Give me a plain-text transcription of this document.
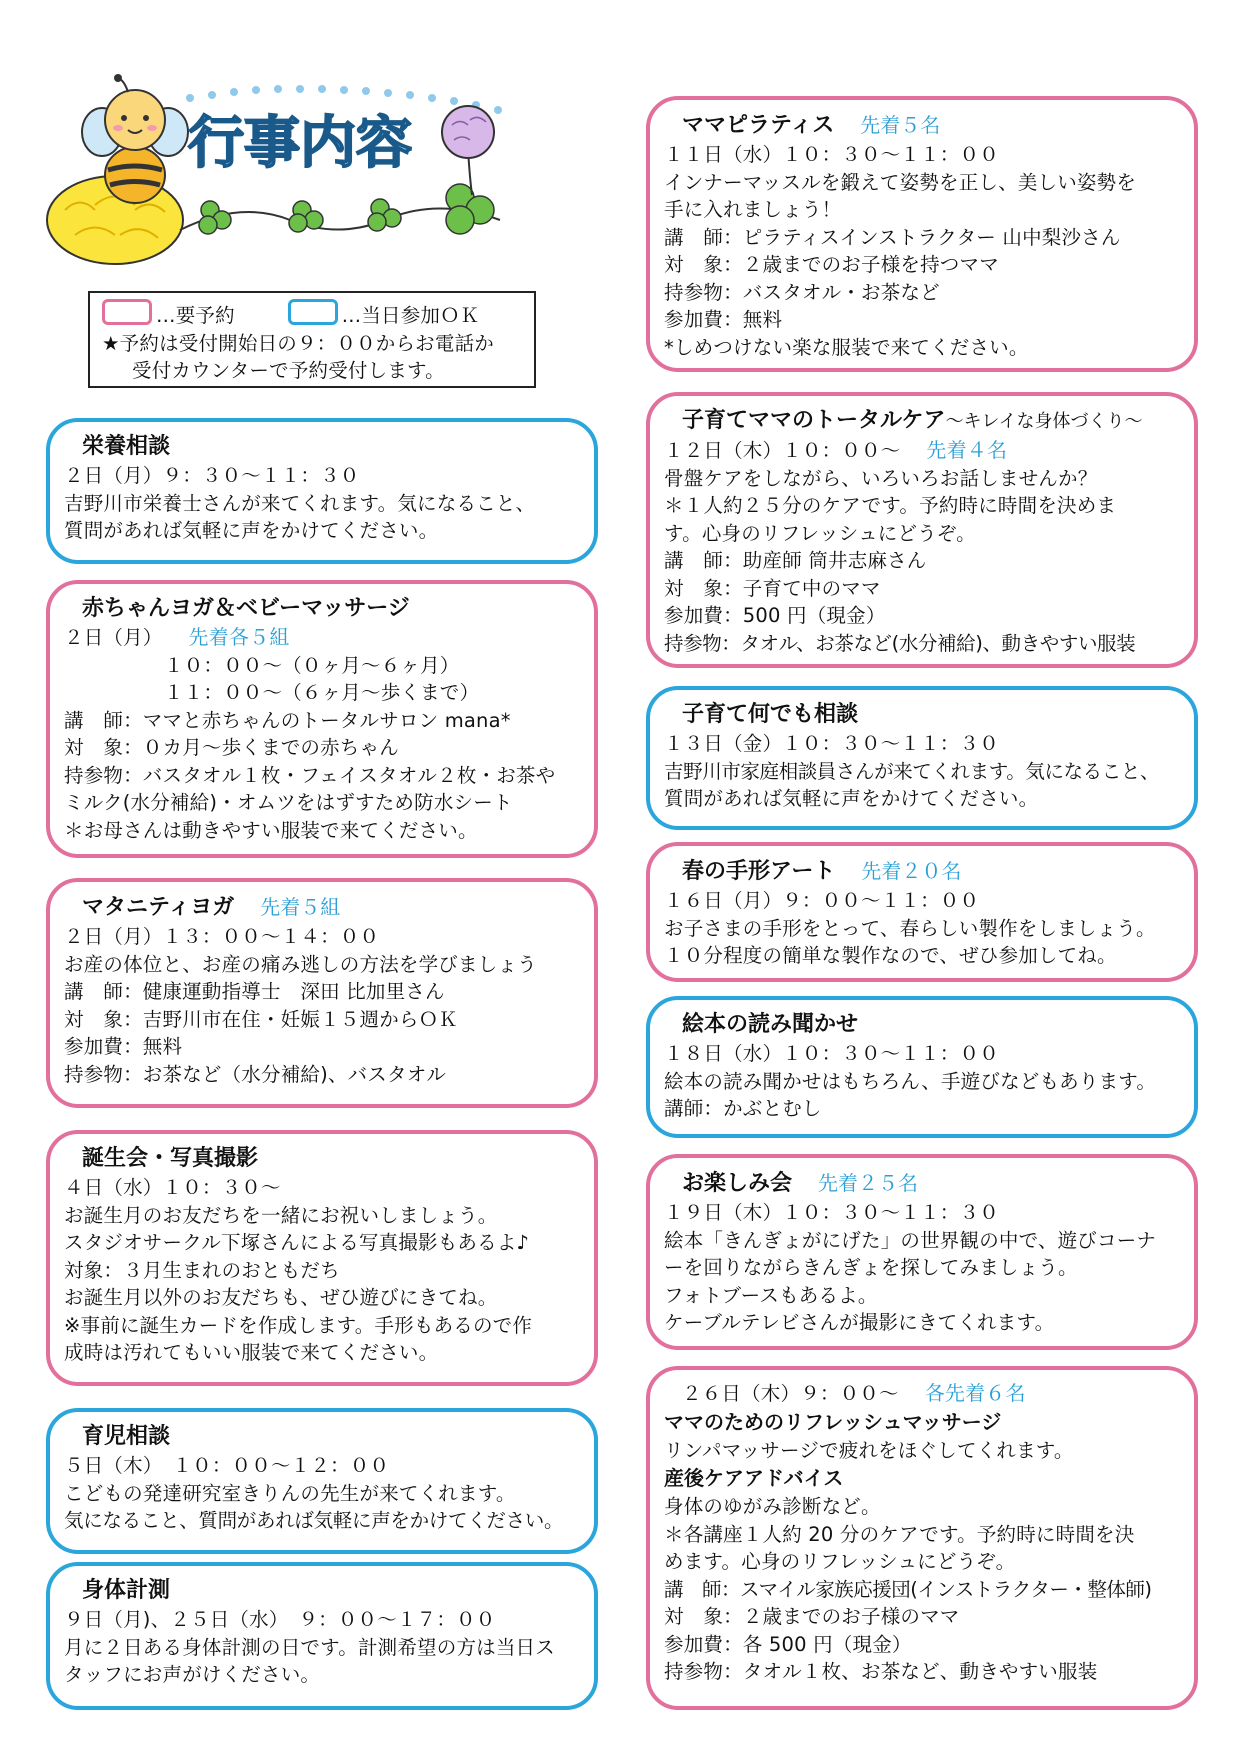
行事内容
…要予約	…当日参加ＯＫ
★予約は受付開始日の９：００からお電話か
受付カウンターで予約受付します。
栄養相談
２日（月）９：３０～１１：３０
吉野川市栄養士さんが来てくれます。気になること、
質問があれば気軽に声をかけてください。
赤ちゃんヨガ＆ベビーマッサージ
２日（月） 先着各５組
１０：００～（０ヶ月～６ヶ月）
１１：００～（６ヶ月～歩くまで）
講　師：ママと赤ちゃんのトータルサロン mana*
対　象：０カ月～歩くまでの赤ちゃん
持参物：バスタオル１枚・フェイスタオル２枚・お茶や
ミルク(水分補給)・オムツをはずすため防水シート
＊お母さんは動きやすい服装で来てください。
マタニティヨガ 先着５組
２日（月）１３：００～１４：００
お産の体位と、お産の痛み逃しの方法を学びましょう
講　師：健康運動指導士　深田 比加里さん
対　象：吉野川市在住・妊娠１５週からＯＫ
参加費：無料
持参物：お茶など（水分補給)、バスタオル
誕生会・写真撮影
４日（水）１０：３０～
お誕生月のお友だちを一緒にお祝いしましょう。
スタジオサークル下塚さんによる写真撮影もあるよ♪
対象：３月生まれのおともだち
お誕生月以外のお友だちも、ぜひ遊びにきてね。
※事前に誕生カードを作成します。手形もあるので作
成時は汚れてもいい服装で来てください。
育児相談
５日（木）　１０：００～１２：００
こどもの発達研究室きりんの先生が来てくれます。
気になること、質問があれば気軽に声をかけてください。
身体計測
９日（月)、２５日（水）　９：００～１７：００
月に２日ある身体計測の日です。計測希望の方は当日ス
タッフにお声がけください。
ママピラティス 先着５名
１１日（水）１０：３０～１１：００
インナーマッスルを鍛えて姿勢を正し、美しい姿勢を
手に入れましょう！
講　師：ピラティスインストラクター 山中梨沙さん
対　象：２歳までのお子様を持つママ
持参物：バスタオル・お茶など
参加費：無料
*しめつけない楽な服装で来てください。
子育てママのトータルケア～キレイな身体づくり～
１２日（木）１０：００～ 先着４名
骨盤ケアをしながら、いろいろお話しませんか？
＊１人約２５分のケアです。予約時に時間を決めま
す。心身のリフレッシュにどうぞ。
講　師：助産師 筒井志麻さん
対　象：子育て中のママ
参加費：500 円（現金）
持参物：タオル、お茶など(水分補給)、動きやすい服装
子育て何でも相談
１３日（金）１０：３０～１１：３０
吉野川市家庭相談員さんが来てくれます。気になること、
質問があれば気軽に声をかけてください。
春の手形アート 先着２０名
１６日（月）９：００～１１：００
お子さまの手形をとって、春らしい製作をしましょう。
１０分程度の簡単な製作なので、ぜひ参加してね。
絵本の読み聞かせ
１８日（水）１０：３０～１１：００
絵本の読み聞かせはもちろん、手遊びなどもあります。
講師：かぶとむし
お楽しみ会 先着２５名
１９日（木）１０：３０～１１：３０
絵本「きんぎょがにげた」の世界観の中で、遊びコーナ
ーを回りながらきんぎょを探してみましょう。
フォトブースもあるよ。
ケーブルテレビさんが撮影にきてくれます。
２６日（木）９：００～ 各先着６名
ママのためのリフレッシュマッサージ
リンパマッサージで疲れをほぐしてくれます。
産後ケアアドバイス
身体のゆがみ診断など。
＊各講座１人約 20 分のケアです。予約時に時間を決
めます。心身のリフレッシュにどうぞ。
講　師：スマイル家族応援団(インストラクター・整体師)
対　象：２歳までのお子様のママ
参加費：各 500 円（現金）
持参物：タオル１枚、お茶など、動きやすい服装
